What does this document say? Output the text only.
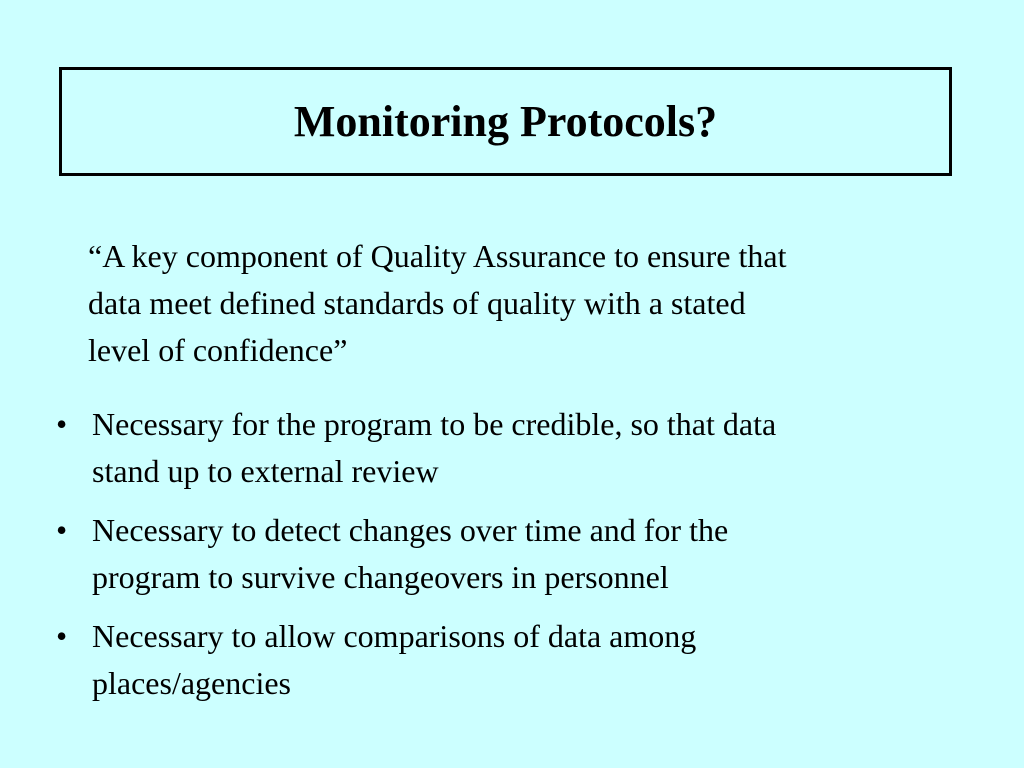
Monitoring Protocols?
“A key component of Quality Assurance to ensure that
data meet defined standards of quality with a stated
level of confidence”
• Necessary for the program to be credible, so that data
stand up to external review
• Necessary to detect changes over time and for the
program to survive changeovers in personnel
• Necessary to allow comparisons of data among
places/agencies
